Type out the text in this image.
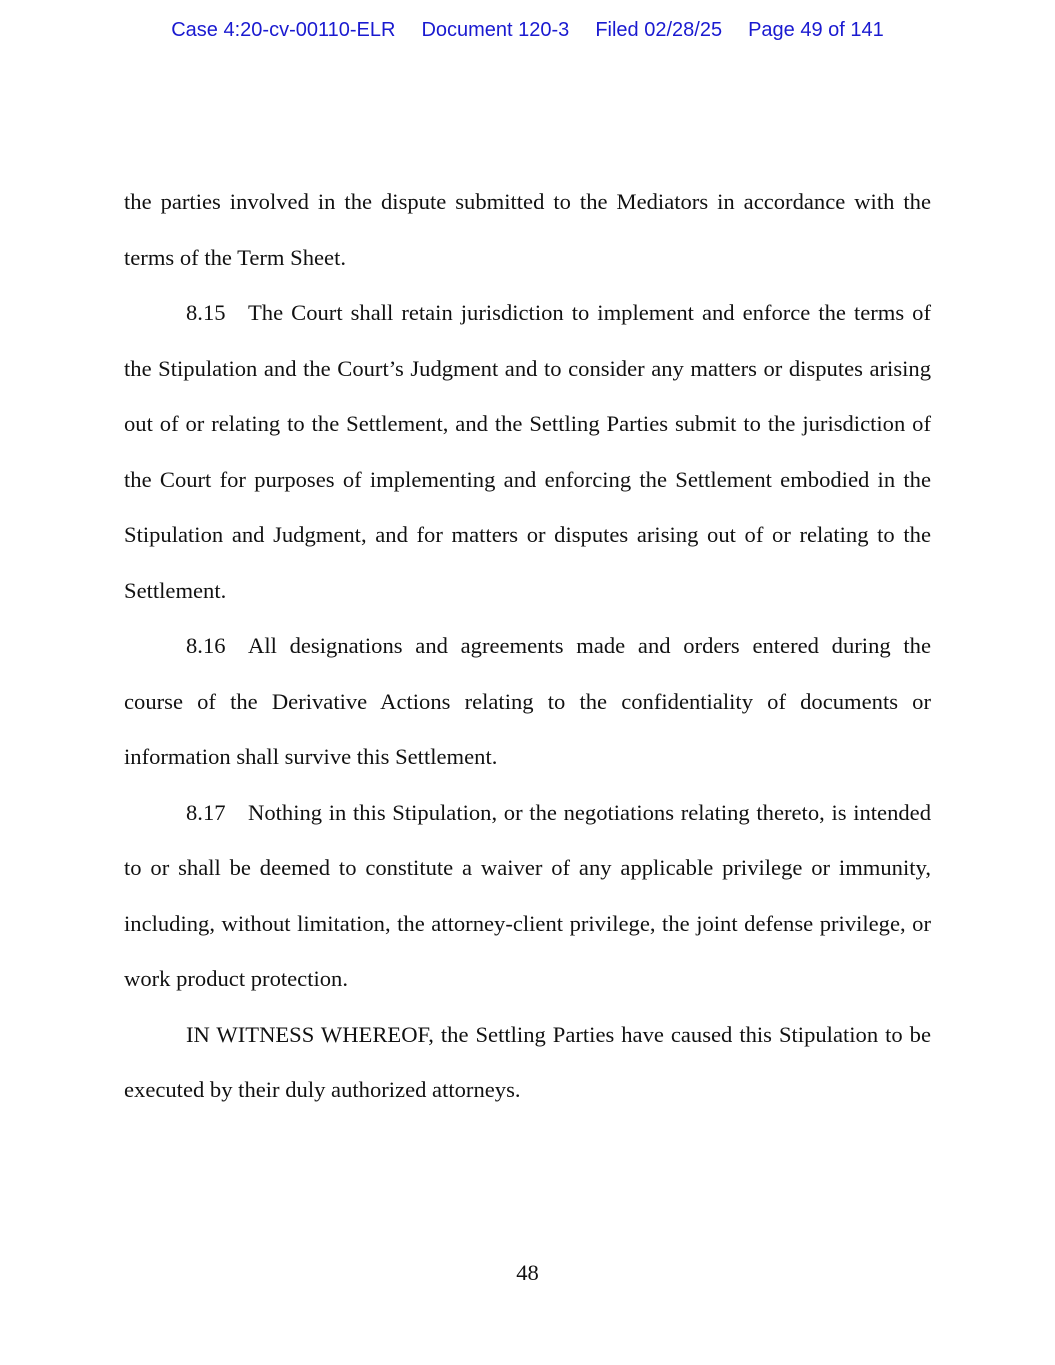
Case 4:20-cv-00110-ELR Document 120-3 Filed 02/28/25 Page 49 of 141

the parties involved in the dispute submitted to the Mediators in accordance with the terms of the Term Sheet.

8.15 The Court shall retain jurisdiction to implement and enforce the terms of the Stipulation and the Court’s Judgment and to consider any matters or disputes arising out of or relating to the Settlement, and the Settling Parties submit to the jurisdiction of the Court for purposes of implementing and enforcing the Settlement embodied in the Stipulation and Judgment, and for matters or disputes arising out of or relating to the Settlement.

8.16 All designations and agreements made and orders entered during the course of the Derivative Actions relating to the confidentiality of documents or information shall survive this Settlement.

8.17 Nothing in this Stipulation, or the negotiations relating thereto, is intended to or shall be deemed to constitute a waiver of any applicable privilege or immunity, including, without limitation, the attorney-client privilege, the joint defense privilege, or work product protection.

IN WITNESS WHEREOF, the Settling Parties have caused this Stipulation to be executed by their duly authorized attorneys.

48
